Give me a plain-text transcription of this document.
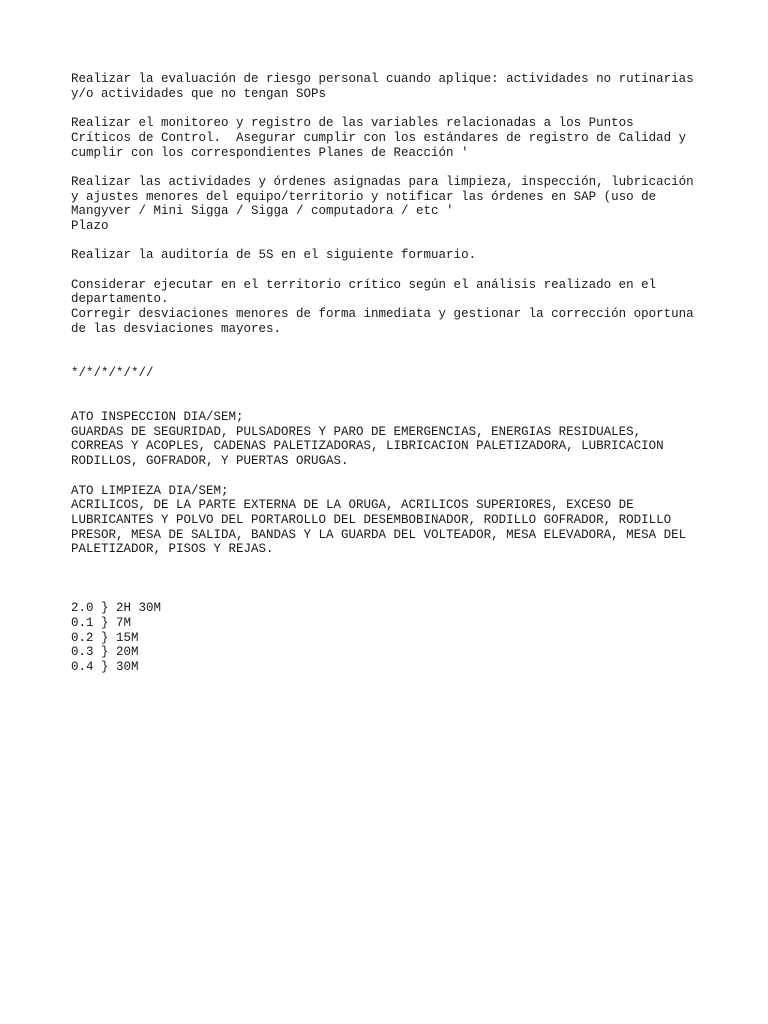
Realizar la evaluación de riesgo personal cuando aplique: actividades no rutinarias
y/o actividades que no tengan SOPs

Realizar el monitoreo y registro de las variables relacionadas a los Puntos
Críticos de Control.  Asegurar cumplir con los estándares de registro de Calidad y
cumplir con los correspondientes Planes de Reacción '

Realizar las actividades y órdenes asignadas para limpieza, inspección, lubricación
y ajustes menores del equipo/territorio y notificar las órdenes en SAP (uso de
Mangyver / Mini Sigga / Sigga / computadora / etc '
Plazo

Realizar la auditoría de 5S en el siguiente formuario.

Considerar ejecutar en el territorio crítico según el análisis realizado en el
departamento.
Corregir desviaciones menores de forma inmediata y gestionar la corrección oportuna
de las desviaciones mayores.

*/*/*/*/*//

ATO INSPECCION DIA/SEM;
GUARDAS DE SEGURIDAD, PULSADORES Y PARO DE EMERGENCIAS, ENERGIAS RESIDUALES,
CORREAS Y ACOPLES, CADENAS PALETIZADORAS, LIBRICACION PALETIZADORA, LUBRICACION
RODILLOS, GOFRADOR, Y PUERTAS ORUGAS.

ATO LIMPIEZA DIA/SEM;
ACRILICOS, DE LA PARTE EXTERNA DE LA ORUGA, ACRILICOS SUPERIORES, EXCESO DE
LUBRICANTES Y POLVO DEL PORTAROLLO DEL DESEMBOBINADOR, RODILLO GOFRADOR, RODILLO
PRESOR, MESA DE SALIDA, BANDAS Y LA GUARDA DEL VOLTEADOR, MESA ELEVADORA, MESA DEL
PALETIZADOR, PISOS Y REJAS.

2.0 } 2H 30M
0.1 } 7M
0.2 } 15M
0.3 } 20M
0.4 } 30M
